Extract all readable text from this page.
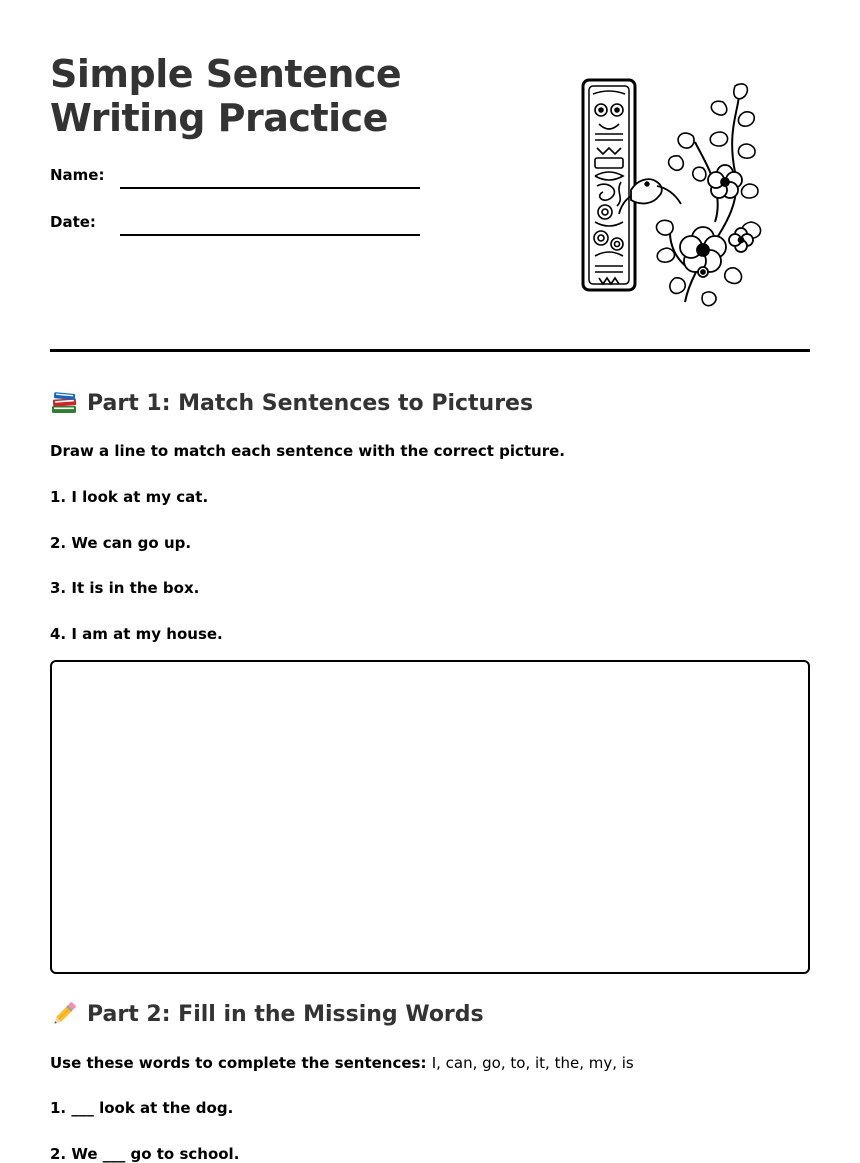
Simple Sentence
Writing Practice
Name:
Date:
Part 1: Match Sentences to Pictures

Draw a line to match each sentence with the correct picture.

1. I look at my cat.

2. We can go up.

3. It is in the box.

4. I am at my house.

Part 2: Fill in the Missing Words

Use these words to complete the sentences: I, can, go, to, it, the, my, is

1. ___ look at the dog.

2. We ___ go to school.
